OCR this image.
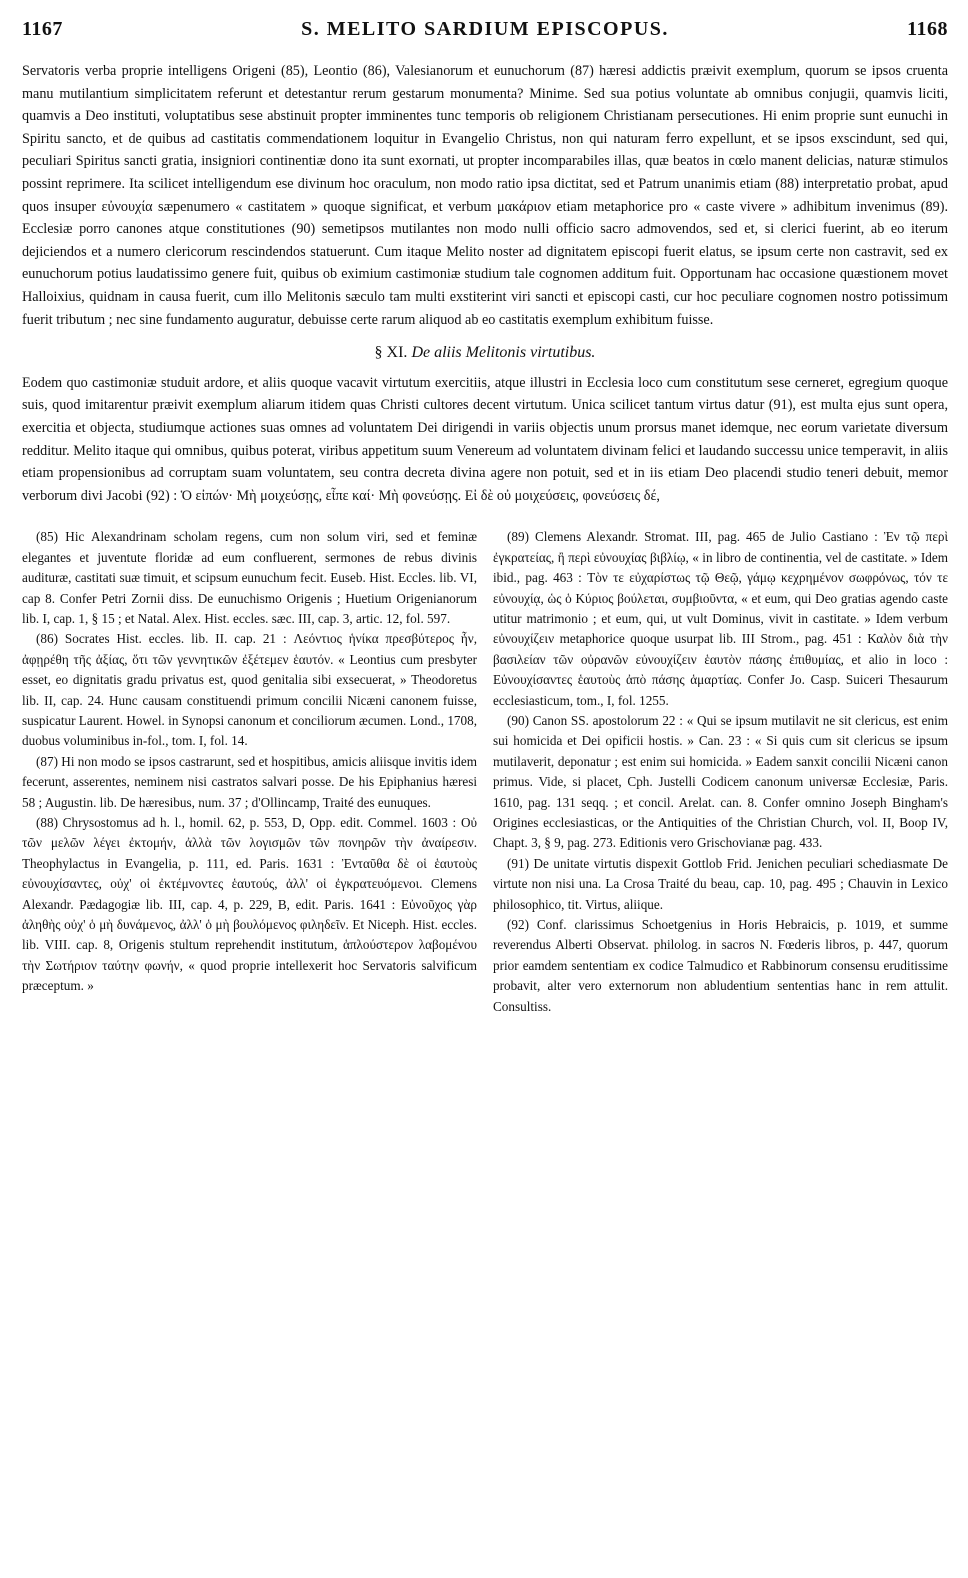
1167	S. MELITO SARDIUM EPISCOPUS.	1168

Servatoris verba proprie intelligens Origeni (85), Leontio (86), Valesianorum et eunuchorum (87) hæresi addictis præivit exemplum, quorum se ipsos cruenta manu mutilantium simplicitatem referunt et detestantur rerum gestarum monumenta? Minime. Sed sua potius voluntate ab omnibus conjugii, quamvis liciti, quamvis a Deo instituti, voluptatibus sese abstinuit propter imminentes tunc temporis ob religionem Christianam persecutiones. Hi enim proprie sunt eunuchi in Spiritu sancto, et de quibus ad castitatis commendationem loquitur in Evangelio Christus, non qui naturam ferro expellunt, et se ipsos exscindunt, sed qui, peculiari Spiritus sancti gratia, insigniori continentiæ dono ita sunt exornati, ut propter incomparabiles illas, quæ beatos in cœlo manent delicias, naturæ stimulos possint reprimere. Ita scilicet intelligendum ese divinum hoc oraculum, non modo ratio ipsa dictitat, sed et Patrum unanimis etiam (88) interpretatio probat, apud quos insuper εὐνουχία sæpenumero « castitatem » quoque significat, et verbum μακάριον etiam metaphorice pro « caste vivere » adhibitum invenimus (89). Ecclesiæ porro canones atque constitutiones (90) semetipsos mutilantes non modo nulli officio sacro admovendos, sed et, si clerici fuerint, ab eo iterum dejiciendos et a numero clericorum rescindendos statuerunt. Cum itaque Melito noster ad dignitatem episcopi fuerit elatus, se ipsum certe non castravit, sed ex eunuchorum potius laudatissimo genere fuit, quibus ob eximium castimoniæ studium tale cognomen additum fuit. Opportunam hac occasione quæstionem movet Halloixius, quidnam in causa fuerit, cum illo Melitonis sæculo tam multi exstiterint viri sancti et episcopi casti, cur hoc peculiare cognomen nostro potissimum fuerit tributum ; nec sine fundamento auguratur, debuisse certe rarum aliquod ab eo castitatis exemplum exhibitum fuisse.

§ XI. De aliis Melitonis virtutibus.

Eodem quo castimoniæ studuit ardore, et aliis quoque vacavit virtutum exercitiis, atque illustri in Ecclesia loco cum constitutum sese cerneret, egregium quoque suis, quod imitarentur præivit exemplum aliarum itidem quas Christi cultores decent virtutum. Unica scilicet tantum virtus datur (91), est multa ejus sunt opera, exercitia et objecta, studiumque actiones suas omnes ad voluntatem Dei dirigendi in variis objectis unum prorsus manet idemque, nec eorum varietate diversum redditur. Melito itaque qui omnibus, quibus poterat, viribus appetitum suum Venereum ad voluntatem divinam felici et laudando successu unice temperavit, in aliis etiam propensionibus ad corruptam suam voluntatem, seu contra decreta divina agere non potuit, sed et in iis etiam Deo placendi studio teneri debuit, memor verborum divi Jacobi (92) : Ὁ εἰπών· Μὴ μοιχεύσῃς, εἶπε καί· Μὴ φονεύσῃς. Εἰ δὲ οὐ μοιχεύσεις, φονεύσεις δέ,

(85) Hic Alexandrinam scholam regens, cum non solum viri, sed et feminæ elegantes et juventute floridæ ad eum confluerent, sermones de rebus divinis audituræ, castitati suæ timuit, et scipsum eunuchum fecit. Euseb. Hist. Eccles. lib. VI, cap 8. Confer Petri Zornii diss. De eunuchismo Origenis ; Huetium Origenianorum lib. I, cap. 1, § 15 ; et Natal. Alex. Hist. eccles. sæc. III, cap. 3, artic. 12, fol. 597.

(86) Socrates Hist. eccles. lib. II. cap. 21 : Λεόντιος ἡνίκα πρεσβύτερος ἦν, ἀφῃρέθη τῆς ἀξίας, ὅτι τῶν γεννητικῶν ἐξέτεμεν ἑαυτόν. « Leontius cum presbyter esset, eo dignitatis gradu privatus est, quod genitalia sibi exsecuerat, » Theodoretus lib. II, cap. 24. Hunc causam constituendi primum concilii Nicæni canonem fuisse, suspicatur Laurent. Howel. in Synopsi canonum et conciliorum æcumen. Lond., 1708, duobus voluminibus in-fol., tom. I, fol. 14.

(87) Hi non modo se ipsos castrarunt, sed et hospitibus, amicis aliisque invitis idem fecerunt, asserentes, neminem nisi castratos salvari posse. De his Epiphanius hæresi 58 ; Augustin. lib. De hæresibus, num. 37 ; d'Ollincamp, Traité des eunuques.

(88) Chrysostomus ad h. l., homil. 62, p. 553, D, Opp. edit. Commel. 1603 : Οὐ τῶν μελῶν λέγει ἐκτομήν, ἀλλὰ τῶν λογισμῶν τῶν πονηρῶν τὴν ἀναίρεσιν. Theophylactus in Evangelia, p. 111, ed. Paris. 1631 : Ἐνταῦθα δὲ οἱ ἑαυτοὺς εὐνουχίσαντες, οὐχ' οἱ ἐκτέμνοντες ἑαυτούς, ἀλλ' οἱ ἐγκρατευόμενοι. Clemens Alexandr. Pædagogiæ lib. III, cap. 4, p. 229, B, edit. Paris. 1641 : Εὐνοῦχος γὰρ ἀληθὴς οὐχ' ὁ μὴ δυνάμενος, ἀλλ' ὁ μὴ βουλόμενος φιληδεῖν. Et Niceph. Hist. eccles. lib. VIII. cap. 8, Origenis stultum reprehendit institutum, ἁπλούστερον λαβομένου τὴν Σωτήριον ταύτην φωνήν, « quod proprie intellexerit hoc Servatoris salvificum præceptum. »

(89) Clemens Alexandr. Stromat. III, pag. 465 de Julio Castiano : Ἐν τῷ περὶ ἐγκρατείας, ἢ περὶ εὐνουχίας βιβλίῳ, « in libro de continentia, vel de castitate. » Idem ibid., pag. 463 : Τὸν τε εὐχαρίστως τῷ Θεῷ, γάμῳ κεχρημένον σωφρόνως, τόν τε εὐνουχίᾳ, ὡς ὁ Κύριος βούλεται, συμβιοῦντα, « et eum, qui Deo gratias agendo caste utitur matrimonio ; et eum, qui, ut vult Dominus, vivit in castitate. » Idem verbum εὐνουχίζειν metaphorice quoque usurpat lib. III Strom., pag. 451 : Καλὸν διὰ τὴν βασιλείαν τῶν οὐρανῶν εὐνουχίζειν ἑαυτὸν πάσης ἐπιθυμίας, et alio in loco : Εὐνουχίσαντες ἑαυτοὺς ἀπὸ πάσης ἁμαρτίας. Confer Jo. Casp. Suiceri Thesaurum ecclesiasticum, tom., I, fol. 1255.

(90) Canon SS. apostolorum 22 : « Qui se ipsum mutilavit ne sit clericus, est enim sui homicida et Dei opificii hostis. » Can. 23 : « Si quis cum sit clericus se ipsum mutilaverit, deponatur ; est enim sui homicida. » Eadem sanxit concilii Nicæni canon primus. Vide, si placet, Cph. Justelli Codicem canonum universæ Ecclesiæ, Paris. 1610, pag. 131 seqq. ; et concil. Arelat. can. 8. Confer omnino Joseph Bingham's Origines ecclesiasticas, or the Antiquities of the Christian Church, vol. II, Boop IV, Chapt. 3, § 9, pag. 273. Editionis vero Grischovianæ pag. 433.

(91) De unitate virtutis dispexit Gottlob Frid. Jenichen peculiari schediasmate De virtute non nisi una. La Crosa Traité du beau, cap. 10, pag. 495 ; Chauvin in Lexico philosophico, tit. Virtus, aliique.

(92) Conf. clarissimus Schoetgenius in Horis Hebraicis, p. 1019, et summe reverendus Alberti Observat. philolog. in sacros N. Fœderis libros, p. 447, quorum prior eamdem sententiam ex codice Talmudico et Rabbinorum consensu eruditissime probavit, alter vero externorum non abludentium sententias hanc in rem attulit. Consultiss.
